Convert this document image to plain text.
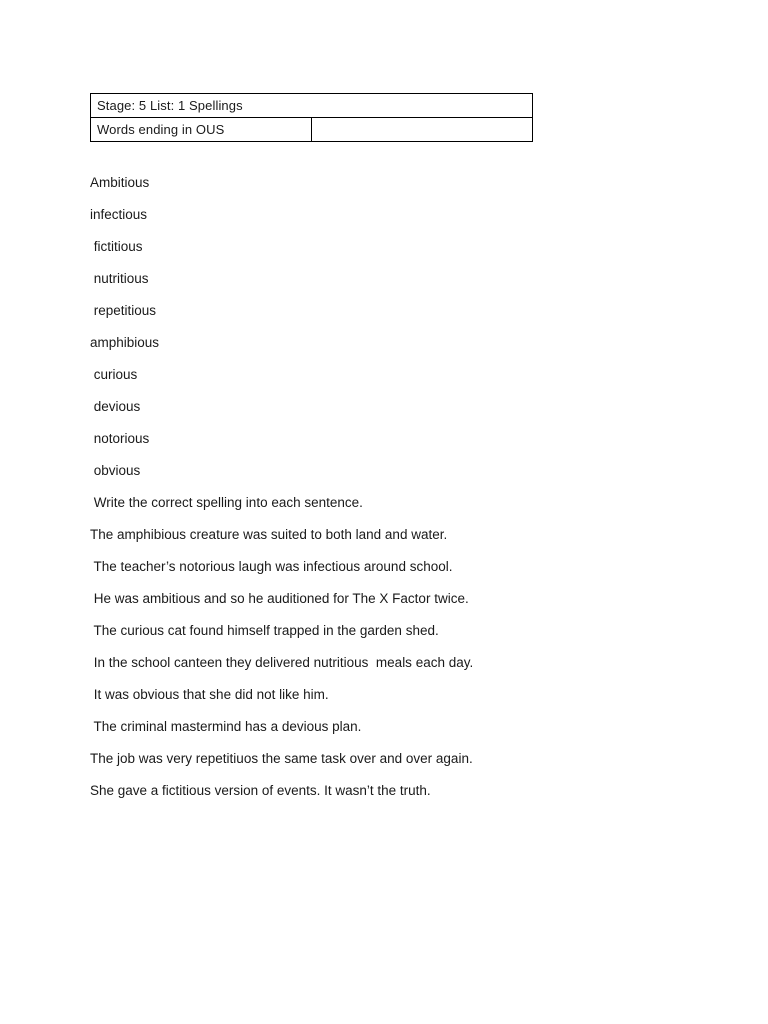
Stage: 5 List: 1 Spellings
Words ending in OUS	
Ambitious
infectious
fictitious
nutritious
repetitious
amphibious
curious
devious
notorious
obvious
Write the correct spelling into each sentence.
The amphibious creature was suited to both land and water.
The teacher’s notorious laugh was infectious around school.
He was ambitious and so he auditioned for The X Factor twice.
The curious cat found himself trapped in the garden shed.
In the school canteen they delivered nutritious  meals each day.
It was obvious that she did not like him.
The criminal mastermind has a devious plan.
The job was very repetitiuos the same task over and over again.
She gave a fictitious version of events. It wasn’t the truth.
